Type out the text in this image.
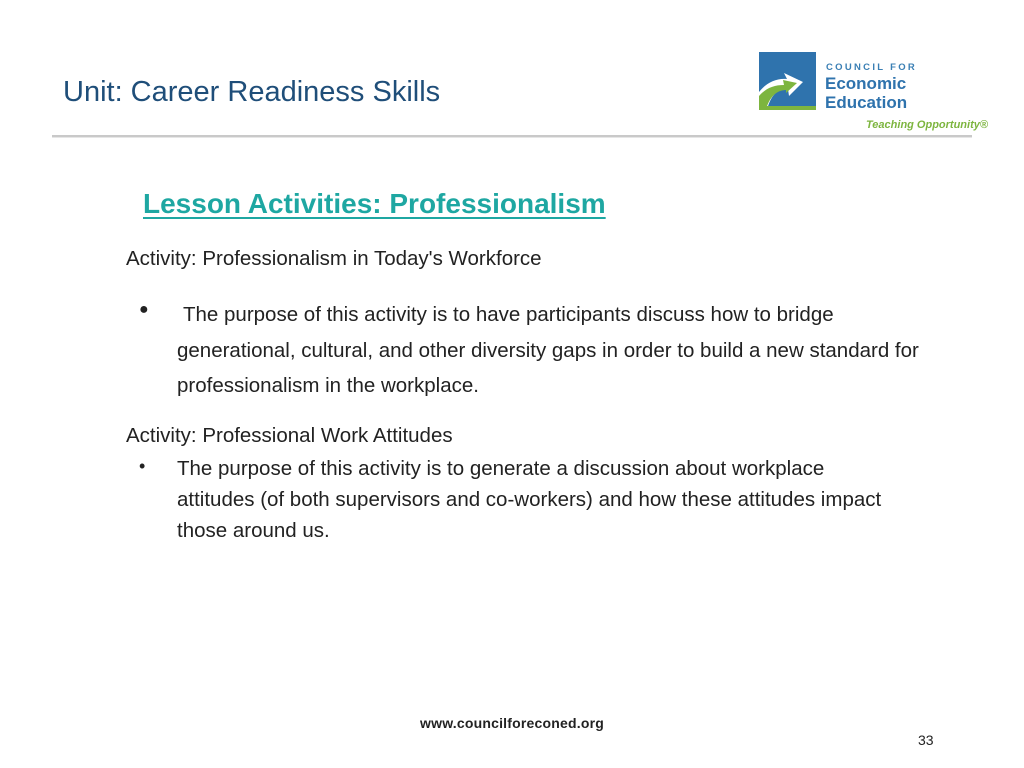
Unit: Career Readiness Skills
COUNCIL FOR
Economic
Education
Teaching Opportunity®
Lesson Activities: Professionalism
Activity: Professionalism in Today's Workforce
● The purpose of this activity is to have participants discuss how to bridge generational, cultural, and other diversity gaps in order to build a new standard for professionalism in the workplace.
Activity: Professional Work Attitudes
• The purpose of this activity is to generate a discussion about workplace attitudes (of both supervisors and co-workers) and how these attitudes impact those around us.
www.councilforeconed.org
33
